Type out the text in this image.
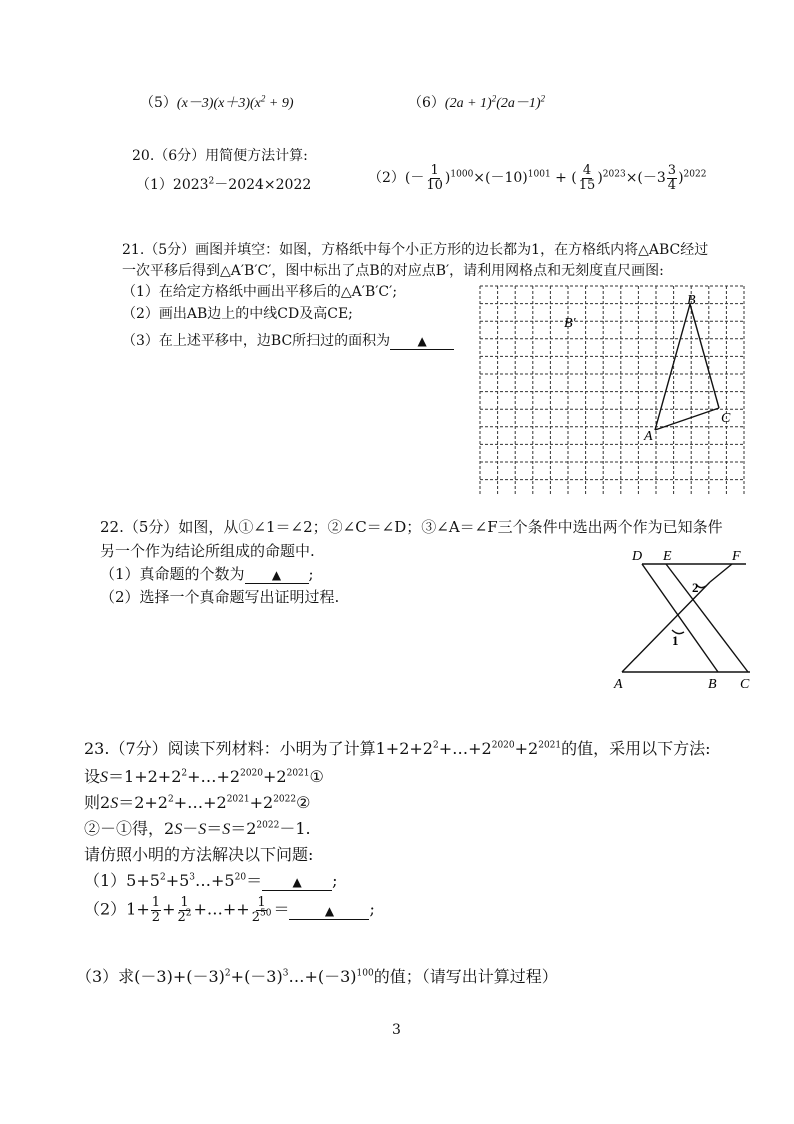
$(5)(x-3)(x+3)(x^2 + 9)$	$(6)(2a + 1)^2(2a-1)^2$
20.（6分）用简便方法计算:
$(1)2023^2-2024\times 2022$	$(2)(- \frac{1}{10} )^{1000}\times(-10)^{1001}$ + ( $\frac{4}{15} )^{2023}\times(-3 \frac{3}{4} )^{2022}$
21.（5分）画图并填空：如图，方格纸中每个小正方形的边长都为1，在方格纸内将△ABC经过
一次平移后得到△A′B′C′，图中标出了点B的对应点B′，请利用网格点和无刻度直尺画图:
（1）在给定方格纸中画出平移后的△A′B′C′;
（2）画出AB边上的中线CD及高CE;
（3）在上述平移中，边BC所扫过的面积为 ▲
B
A
C
B′
22.（5分）如图，从①∠1＝∠2；②∠C＝∠D；③∠A＝∠F三个条件中选出两个作为已知条件
另一个作为结论所组成的命题中.
（1）真命题的个数为 ▲ ;
（2）选择一个真命题写出证明过程.
D E	F
A	B C
1
2
23.（7分）阅读下列材料：小明为了计算$1+2+2^2+\dots+2^{2020}+2^{2021}$的值，采用以下方法:
设$S=1+2+2^2+\dots+2^{2020}+2^{2021}①$
则$2S=2+2^2+\dots+2^{2021}+2^{2022}②$
②－①得，$2S-S=S=2^{2022}-1$.
请仿照小明的方法解决以下问题:
$(1)5+5^2+5^3\dots+5^{20}=$	▲ ;
$(2)1+ \frac{1}{2} + \frac{1}{2^2}$ +…++ $\frac{1}{2^{50}}$ ＝	▲ ;
（3）求$(-3)+(-3)^2+(-3)^3\dots+(-3)^{100}$的值；（请写出计算过程）
3
